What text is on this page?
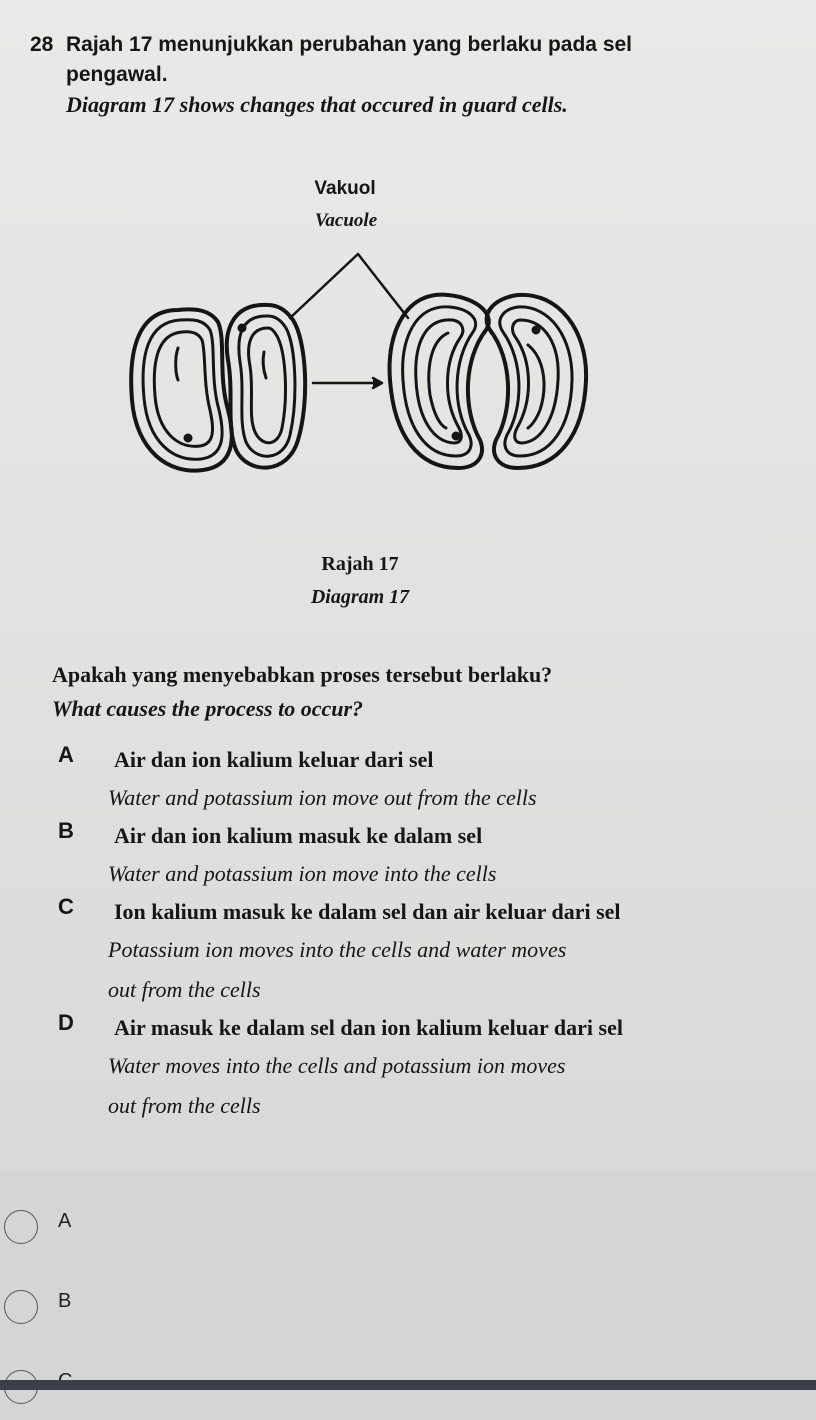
28 Rajah 17 menunjukkan perubahan yang berlaku pada sel
pengawal.
Diagram 17 shows changes that occured in guard cells.
Vakuol
Vacuole
Rajah 17
Diagram 17
Apakah yang menyebabkan proses tersebut berlaku?
What causes the process to occur?
A	Air dan ion kalium keluar dari sel
Water and potassium ion move out from the cells
B	Air dan ion kalium masuk ke dalam sel
Water and potassium ion move into the cells
C	Ion kalium masuk ke dalam sel dan air keluar dari sel
Potassium ion moves into the cells and water moves
out from the cells
D	Air masuk ke dalam sel dan ion kalium keluar dari sel
Water moves into the cells and potassium ion moves
out from the cells
A
B
